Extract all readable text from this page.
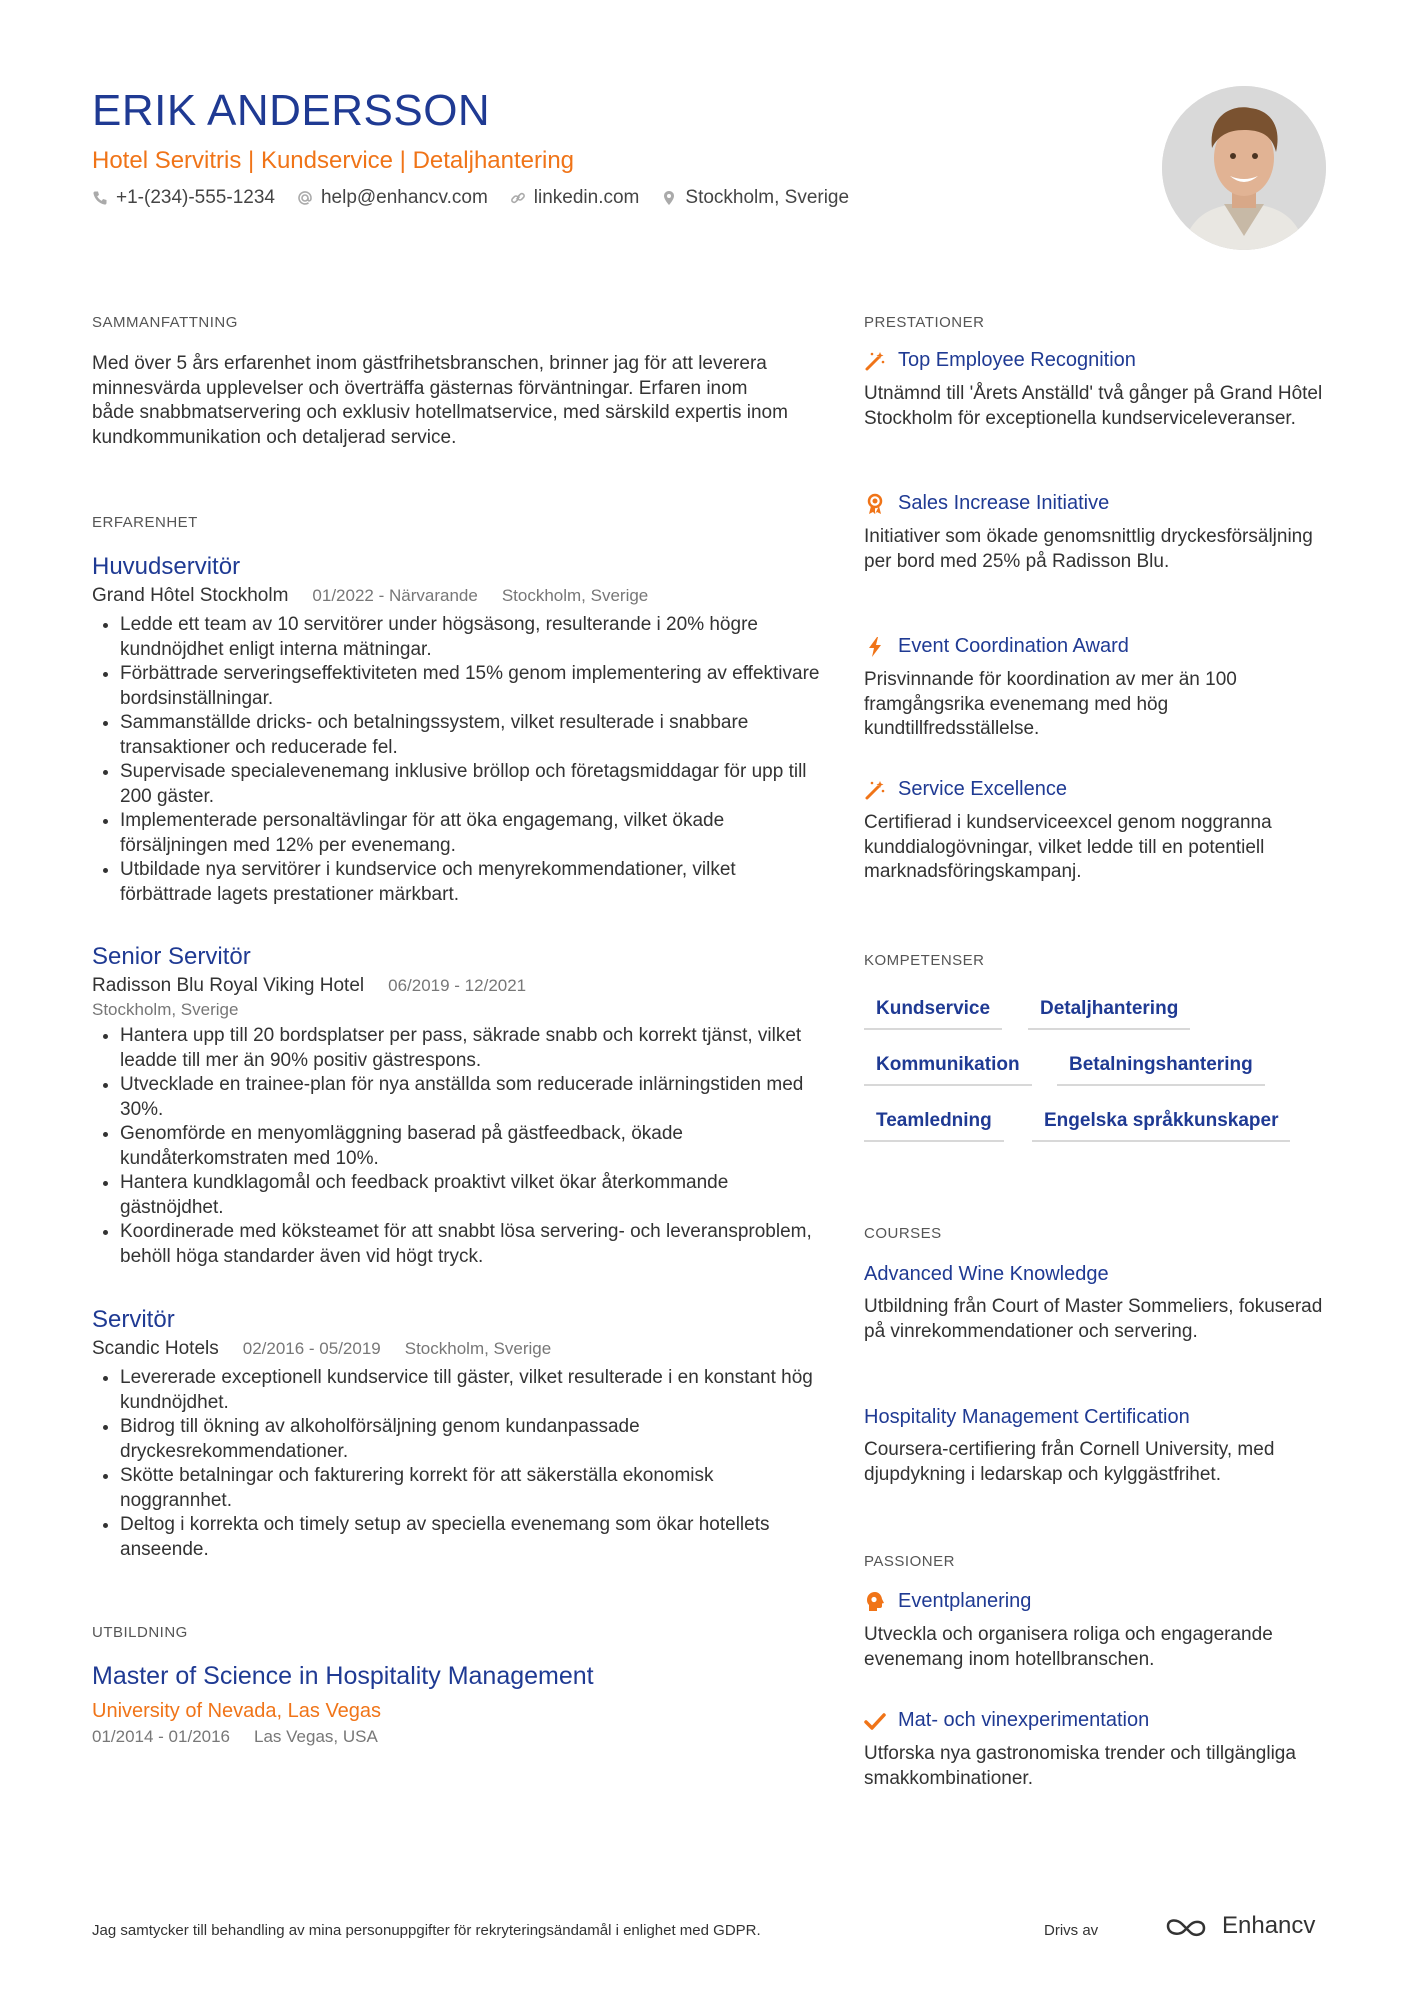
ERIK ANDERSSON
Hotel Servitris | Kundservice | Detaljhantering
+1-(234)-555-1234 help@enhancv.com linkedin.com Stockholm, Sverige
SAMMANFATTNING

Med över 5 års erfarenhet inom gästfrihetsbranschen, brinner jag för att leverera minnesvärda upplevelser och överträffa gästernas förväntningar. Erfaren inom både snabbmatservering och exklusiv hotellmatservice, med särskild expertis inom kundkommunikation och detaljerad service.

ERFARENHET
Huvudservitör
Grand Hôtel Stockholm 01/2022 - Närvarande Stockholm, Sverige
• Ledde ett team av 10 servitörer under högsäsong, resulterande i 20% högre kundnöjdhet enligt interna mätningar.
• Förbättrade serveringseffektiviteten med 15% genom implementering av effektivare bordsinställningar.
• Sammanställde dricks- och betalningssystem, vilket resulterade i snabbare transaktioner och reducerade fel.
• Supervisade specialevenemang inklusive bröllop och företagsmiddagar för upp till 200 gäster.
• Implementerade personaltävlingar för att öka engagemang, vilket ökade försäljningen med 12% per evenemang.
• Utbildade nya servitörer i kundservice och menyrekommendationer, vilket förbättrade lagets prestationer märkbart.
Senior Servitör
Radisson Blu Royal Viking Hotel 06/2019 - 12/2021
Stockholm, Sverige
• Hantera upp till 20 bordsplatser per pass, säkrade snabb och korrekt tjänst, vilket leadde till mer än 90% positiv gästrespons.
• Utvecklade en trainee-plan för nya anställda som reducerade inlärningstiden med 30%.
• Genomförde en menyomläggning baserad på gästfeedback, ökade kundåterkomstraten med 10%.
• Hantera kundklagomål och feedback proaktivt vilket ökar återkommande gästnöjdhet.
• Koordinerade med köksteamet för att snabbt lösa servering- och leveransproblem, behöll höga standarder även vid högt tryck.
Servitör
Scandic Hotels 02/2016 - 05/2019 Stockholm, Sverige
• Levererade exceptionell kundservice till gäster, vilket resulterade i en konstant hög kundnöjdhet.
• Bidrog till ökning av alkoholförsäljning genom kundanpassade dryckesrekommendationer.
• Skötte betalningar och fakturering korrekt för att säkerställa ekonomisk noggrannhet.
• Deltog i korrekta och timely setup av speciella evenemang som ökar hotellets anseende.
UTBILDNING
Master of Science in Hospitality Management
University of Nevada, Las Vegas
01/2014 - 01/2016 Las Vegas, USA
PRESTATIONER
Top Employee Recognition

Utnämnd till 'Årets Anställd' två gånger på Grand Hôtel Stockholm för exceptionella kundserviceleveranser.

Sales Increase Initiative

Initiativer som ökade genomsnittlig dryckesförsäljning per bord med 25% på Radisson Blu.

Event Coordination Award

Prisvinnande för koordination av mer än 100 framgångsrika evenemang med hög kundtillfredsställelse.

Service Excellence

Certifierad i kundserviceexcel genom noggranna kunddialogövningar, vilket ledde till en potentiell marknadsföringskampanj.

KOMPETENSER
Kundservice	Detaljhantering
Kommunikation	Betalningshantering
Teamledning	Engelska språkkunskaper
COURSES
Advanced Wine Knowledge

Utbildning från Court of Master Sommeliers, fokuserad på vinrekommendationer och servering.

Hospitality Management Certification

Coursera-certifiering från Cornell University, med djupdykning i ledarskap och kylggästfrihet.

PASSIONER
Eventplanering

Utveckla och organisera roliga och engagerande evenemang inom hotellbranschen.

Mat- och vinexperimentation

Utforska nya gastronomiska trender och tillgängliga smakkombinationer.

Jag samtycker till behandling av mina personuppgifter för rekryteringsändamål i enlighet med GDPR.	Drivs av	Enhancv
